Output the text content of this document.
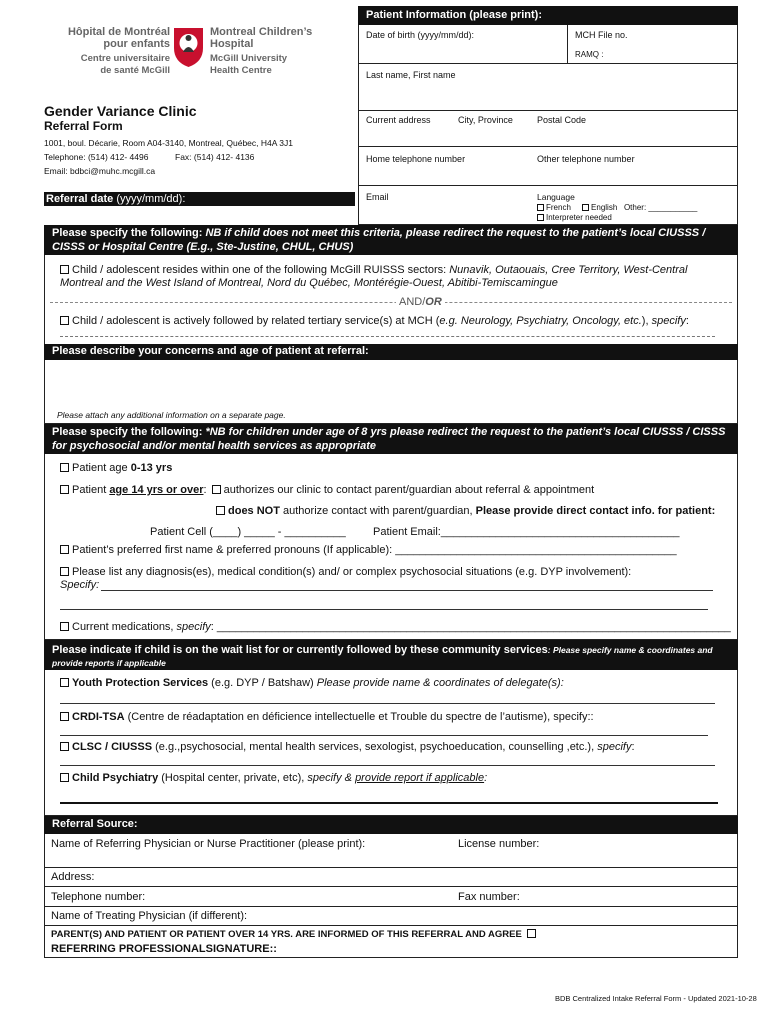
Hôpital de Montréal
pour enfants
Centre universitaire
de santé McGill
Montreal Children’s
Hospital
McGill University
Health Centre
Gender Variance Clinic
Referral Form
1001, boul. Décarie, Room A04-3140, Montreal, Québec, H4A 3J1
Telephone: (514) 412- 4496	Fax: (514) 412- 4136
Email: bdbci@muhc.mcgill.ca
Patient Information (please print):
Date of birth (yyyy/mm/dd):	MCH File no.
RAMQ :
Last name, First name
Current address	City, Province	Postal Code
Home telephone number	Other telephone number
Email	Language
French	English Other: ___________
Interpreter needed
Referral date (yyyy/mm/dd):
Please specify the following: NB if child does not meet this criteria, please redirect the request to the patient’s local CIUSSS / CISSS or Hospital Centre (E.g., Ste-Justine, CHUL, CHUS)
Child / adolescent resides within one of the following McGill RUISSS sectors: Nunavik, Outaouais, Cree Territory, West-Central Montreal and the West Island of Montreal, Nord du Québec, Montérégie-Ouest, Abitibi-Temiscamingue
AND/OR
Child / adolescent is actively followed by related tertiary service(s) at MCH (e.g. Neurology, Psychiatry, Oncology, etc.), specify:
Please describe your concerns and age of patient at referral:
Please attach any additional information on a separate page.
Please specify the following: *NB for children under age of 8 yrs please redirect the request to the patient’s local CIUSSS / CISSS for psychosocial and/or mental health services as appropriate
Patient age 0-13 yrs
Patient age 14 yrs or over: authorizes our clinic to contact parent/guardian about referral & appointment
does NOT authorize contact with parent/guardian, Please provide direct contact info. for patient:
Patient Cell (____) _____ - __________ Patient Email:_______________________________________
Patient’s preferred first name & preferred pronouns (If applicable): ______________________________________________
Please list any diagnosis(es), medical condition(s) and/ or complex psychosocial situations (e.g. DYP involvement):
Specify:
Current medications, specify: ____________________________________________________________________________________
Please indicate if child is on the wait list for or currently followed by these community services: Please specify name & coordinates and provide reports if applicable
Youth Protection Services (e.g. DYP / Batshaw) Please provide name & coordinates of delegate(s):
CRDI-TSA (Centre de réadaptation en déficience intellectuelle et Trouble du spectre de l’autisme), specify::
CLSC / CIUSSS (e.g.,psychosocial, mental health services, sexologist, psychoeducation, counselling ,etc.), specify:
Child Psychiatry (Hospital center, private, etc), specify & provide report if applicable:
Referral Source:
Name of Referring Physician or Nurse Practitioner (please print):	License number:
Address:
Telephone number:	Fax number:
Name of Treating Physician (if different):
PARENT(S) AND PATIENT OR PATIENT OVER 14 YRS. ARE INFORMED OF THIS REFERRAL AND AGREE
REFERRING PROFESSIONALSIGNATURE::
BDB Centralized Intake Referral Form - Updated 2021-10-28
